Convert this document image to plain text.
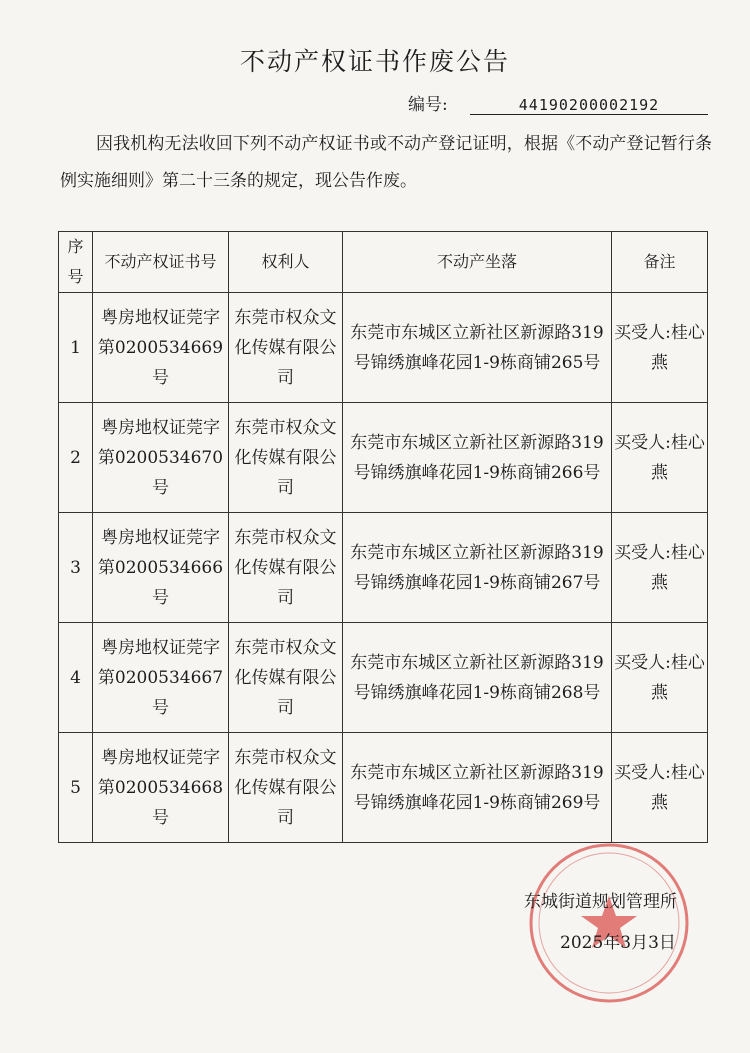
不动产权证书作废公告
编号:	44190200002192
因我机构无法收回下列不动产权证书或不动产登记证明，根据《不动产登记暂行条例实施细则》第二十三条的规定，现公告作废。
序号	不动产权证书号	权利人	不动产坐落	备注
1	粤房地权证莞字第0200534669号	东莞市权众文化传媒有限公司	东莞市东城区立新社区新源路319号锦绣旗峰花园1-9栋商铺265号	买受人:桂心燕
2	粤房地权证莞字第0200534670号	东莞市权众文化传媒有限公司	东莞市东城区立新社区新源路319号锦绣旗峰花园1-9栋商铺266号	买受人:桂心燕
3	粤房地权证莞字第0200534666号	东莞市权众文化传媒有限公司	东莞市东城区立新社区新源路319号锦绣旗峰花园1-9栋商铺267号	买受人:桂心燕
4	粤房地权证莞字第0200534667号	东莞市权众文化传媒有限公司	东莞市东城区立新社区新源路319号锦绣旗峰花园1-9栋商铺268号	买受人:桂心燕
5	粤房地权证莞字第0200534668号	东莞市权众文化传媒有限公司	东莞市东城区立新社区新源路319号锦绣旗峰花园1-9栋商铺269号	买受人:桂心燕
东城街道规划管理所
2025年3月3日
